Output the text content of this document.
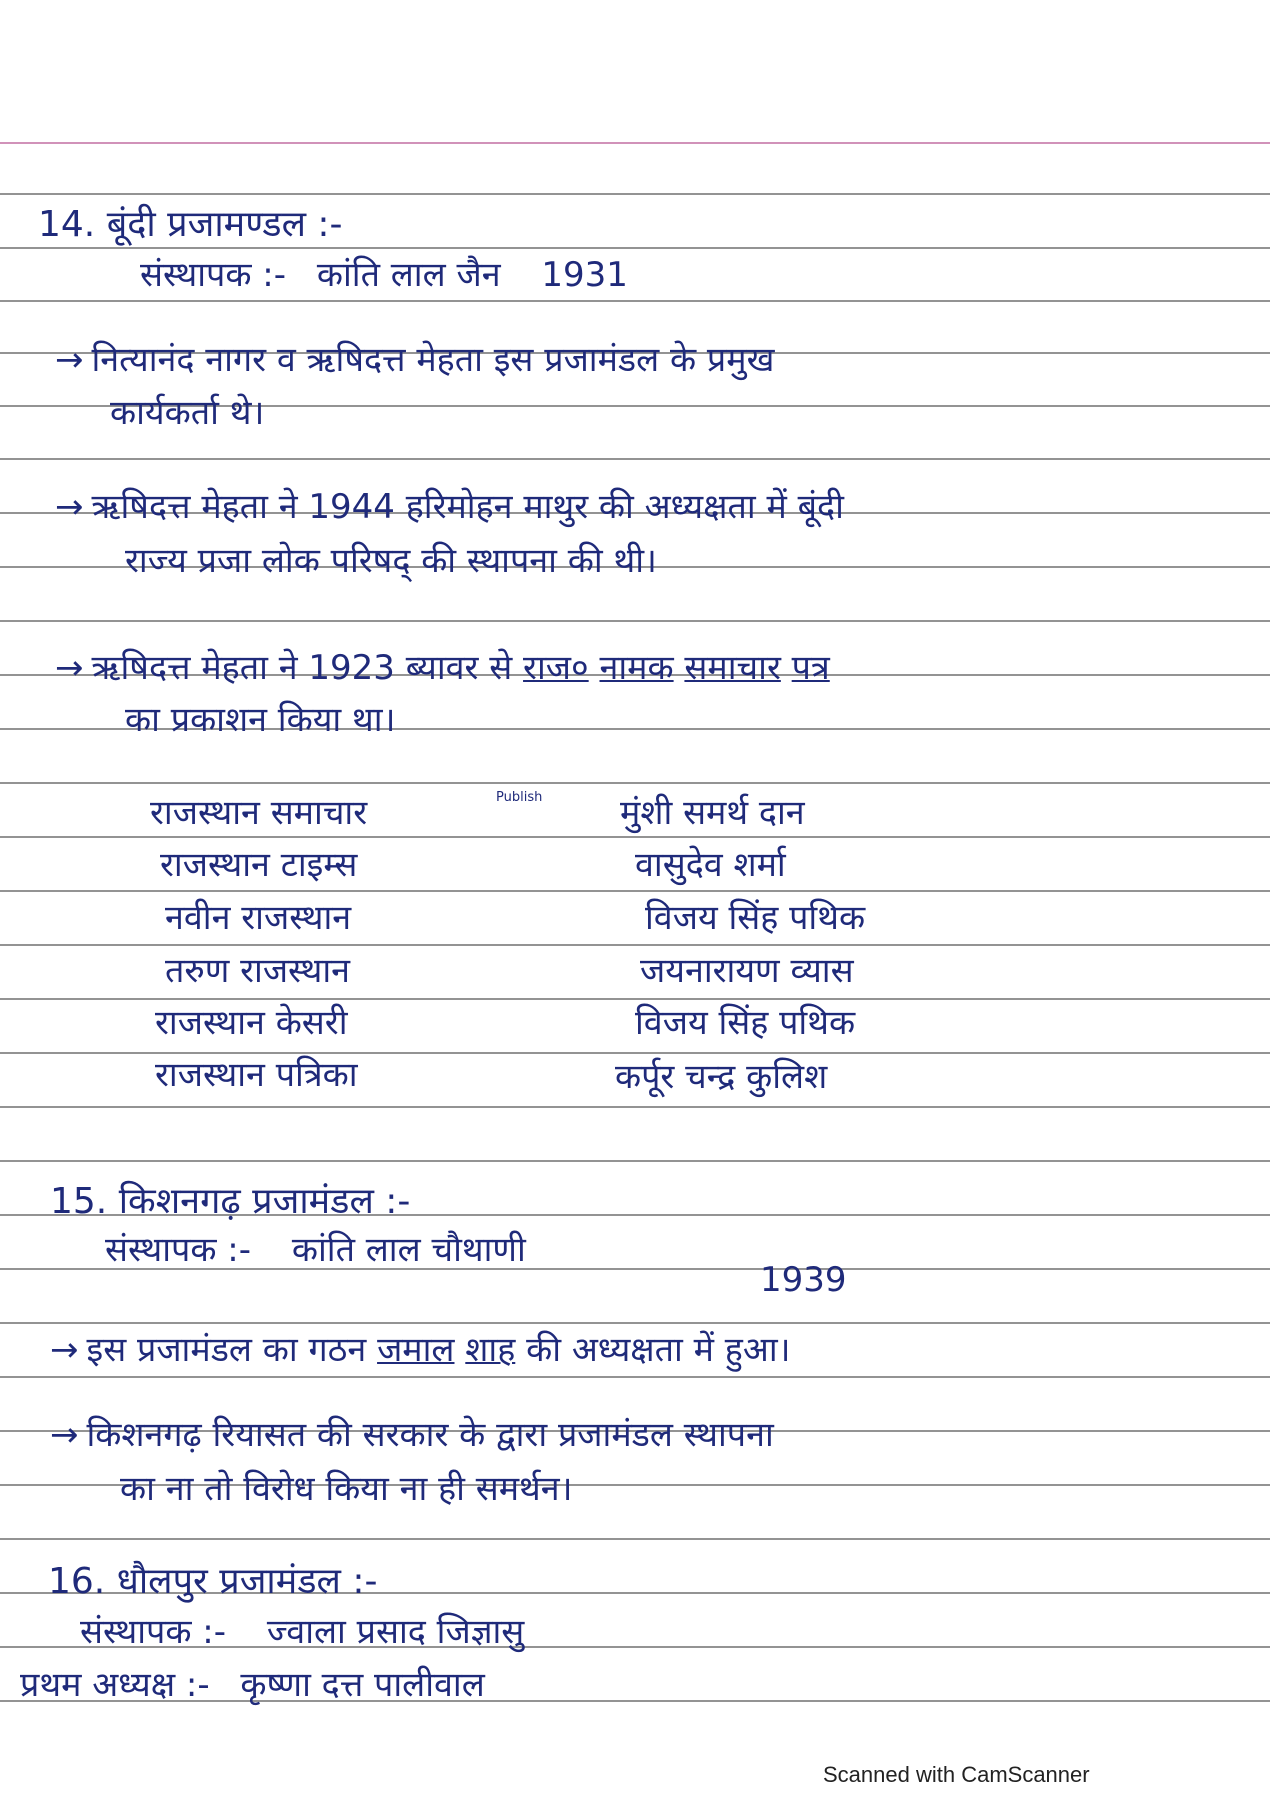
14. बूंदी प्रजामण्डल :-
संस्थापक :- कांति लाल जैन 1931
→ नित्यानंद नागर व ऋषिदत्त मेहता इस प्रजामंडल के प्रमुख
कार्यकर्ता थे।
→ ऋषिदत्त मेहता ने 1944 हरिमोहन माथुर की अध्यक्षता में बूंदी
राज्य प्रजा लोक परिषद् की स्थापना की थी।
→ ऋषिदत्त मेहता ने 1923 ब्यावर से राज० नामक समाचार पत्र
का प्रकाशन किया था।
राजस्थान समाचार	Publish मुंशी समर्थ दान
राजस्थान टाइम्स	वासुदेव शर्मा
नवीन राजस्थान	विजय सिंह पथिक
तरुण राजस्थान	जयनारायण व्यास
राजस्थान केसरी	विजय सिंह पथिक
राजस्थान पत्रिका	कर्पूर चन्द्र कुलिश
15. किशनगढ़ प्रजामंडल :-
संस्थापक :- कांति लाल चौथाणी
1939
→ इस प्रजामंडल का गठन जमाल शाह की अध्यक्षता में हुआ।
→ किशनगढ़ रियासत की सरकार के द्वारा प्रजामंडल स्थापना
का ना तो विरोध किया ना ही समर्थन।
16. धौलपुर प्रजामंडल :-
संस्थापक :- ज्वाला प्रसाद जिज्ञासु
प्रथम अध्यक्ष :- कृष्णा दत्त पालीवाल
Scanned with CamScanner
